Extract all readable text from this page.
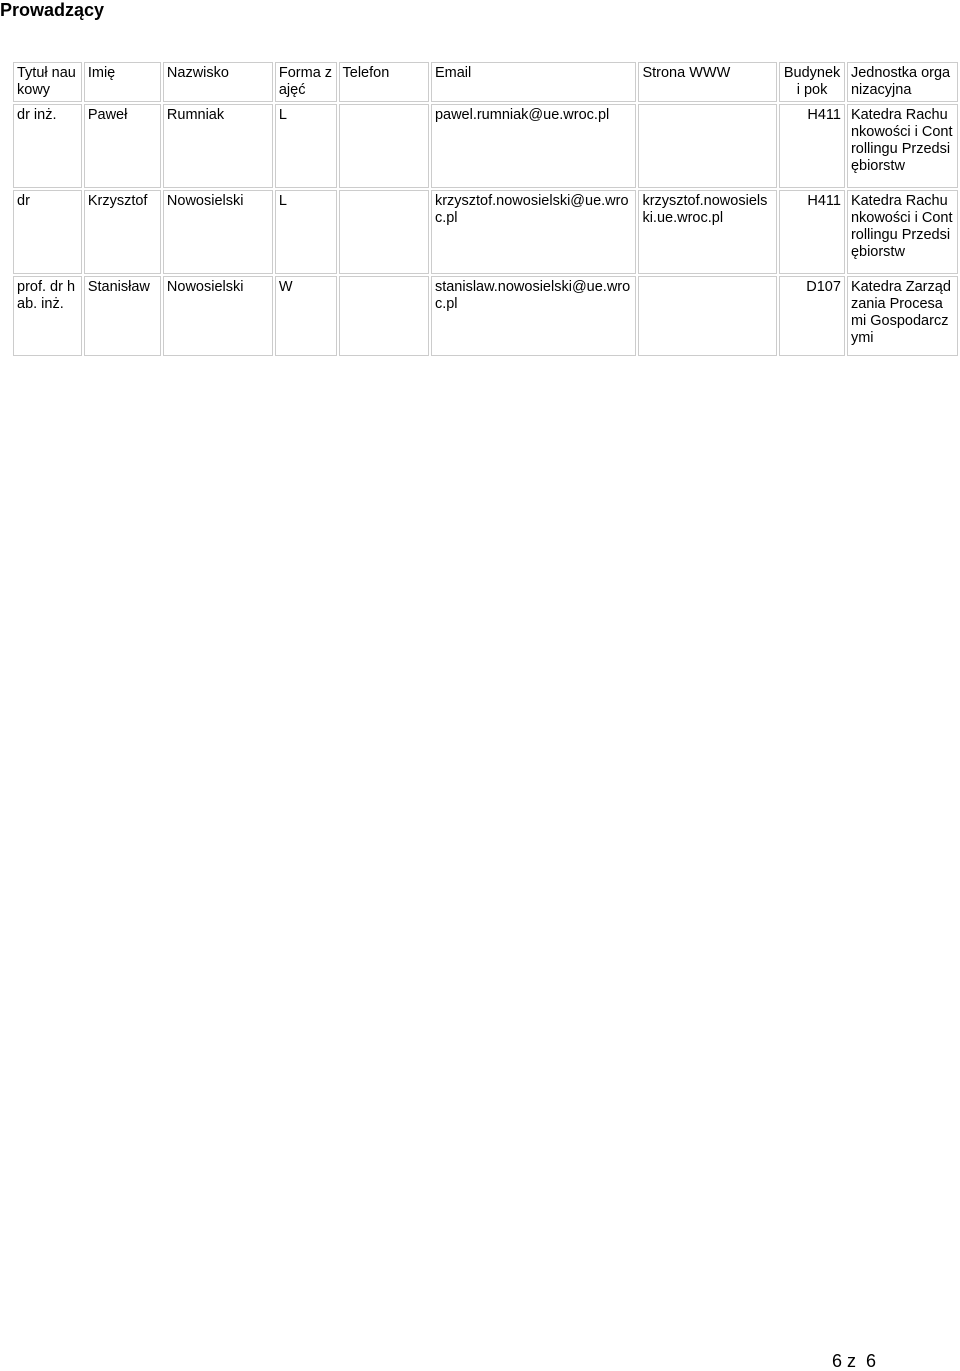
Prowadzący
Tytuł naukowy	Imię	Nazwisko	Forma zajęć	Telefon	Email	Strona WWW	Budynek i pok	Jednostka organizacyjna
dr inż.	Paweł	Rumniak	L		pawel.rumniak@ue.wroc.pl		H411	Katedra Rachunkowości i Controllingu Przedsiębiorstw
dr	Krzysztof	Nowosielski	L		krzysztof.nowosielski@ue.wroc.pl	krzysztof.nowosielski.ue.wroc.pl	H411	Katedra Rachunkowości i Controllingu Przedsiębiorstw
prof. dr hab. inż.	Stanisław	Nowosielski	W		stanislaw.nowosielski@ue.wroc.pl		D107	Katedra Zarządzania Procesami Gospodarczymi
6 z  6
